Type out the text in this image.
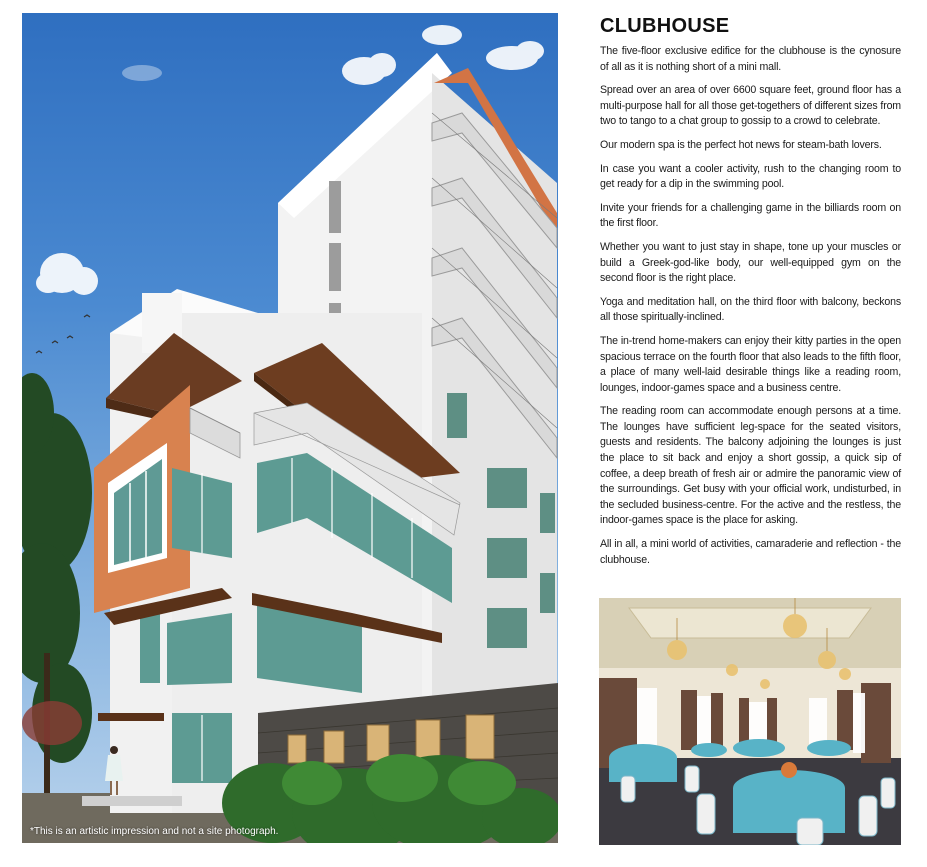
*This is an artistic impression and not a site photograph.
CLUBHOUSE

The five-floor exclusive edifice for the clubhouse is the cynosure of all as it is nothing short of a mini mall.

Spread over an area of over 6600 square feet, ground floor has a multi-purpose hall for all those get-togethers of different sizes from two to tango to a chat group to gossip to a crowd to celebrate.

Our modern spa is the perfect hot news for steam-bath lovers.

In case you want a cooler activity, rush to the changing room to get ready for a dip in the swimming pool.

Invite your friends for a challenging game in the billiards room on the first floor.

Whether you want to just stay in shape, tone up your muscles or build a Greek-god-like body, our well-equipped gym on the second floor is the right place.

Yoga and meditation hall, on the third floor with balcony, beckons all those spiritually-inclined.

The in-trend home-makers can enjoy their kitty parties in the open spacious terrace on the fourth floor that also leads to the fifth floor, a place of many well-laid desirable things like a reading room, lounges, indoor-games space and a business centre.

The reading room can accommodate enough persons at a time. The lounges have sufficient leg-space for the seated visitors, guests and residents. The balcony adjoining the lounges is just the place to sit back and enjoy a short gossip, a quick sip of coffee, a deep breath of fresh air or admire the panoramic view of the surroundings. Get busy with your official work, undisturbed, in the secluded business-centre. For the active and the restless, the indoor-games space is the place for asking.

All in all, a mini world of activities, camaraderie and reflection - the clubhouse.
